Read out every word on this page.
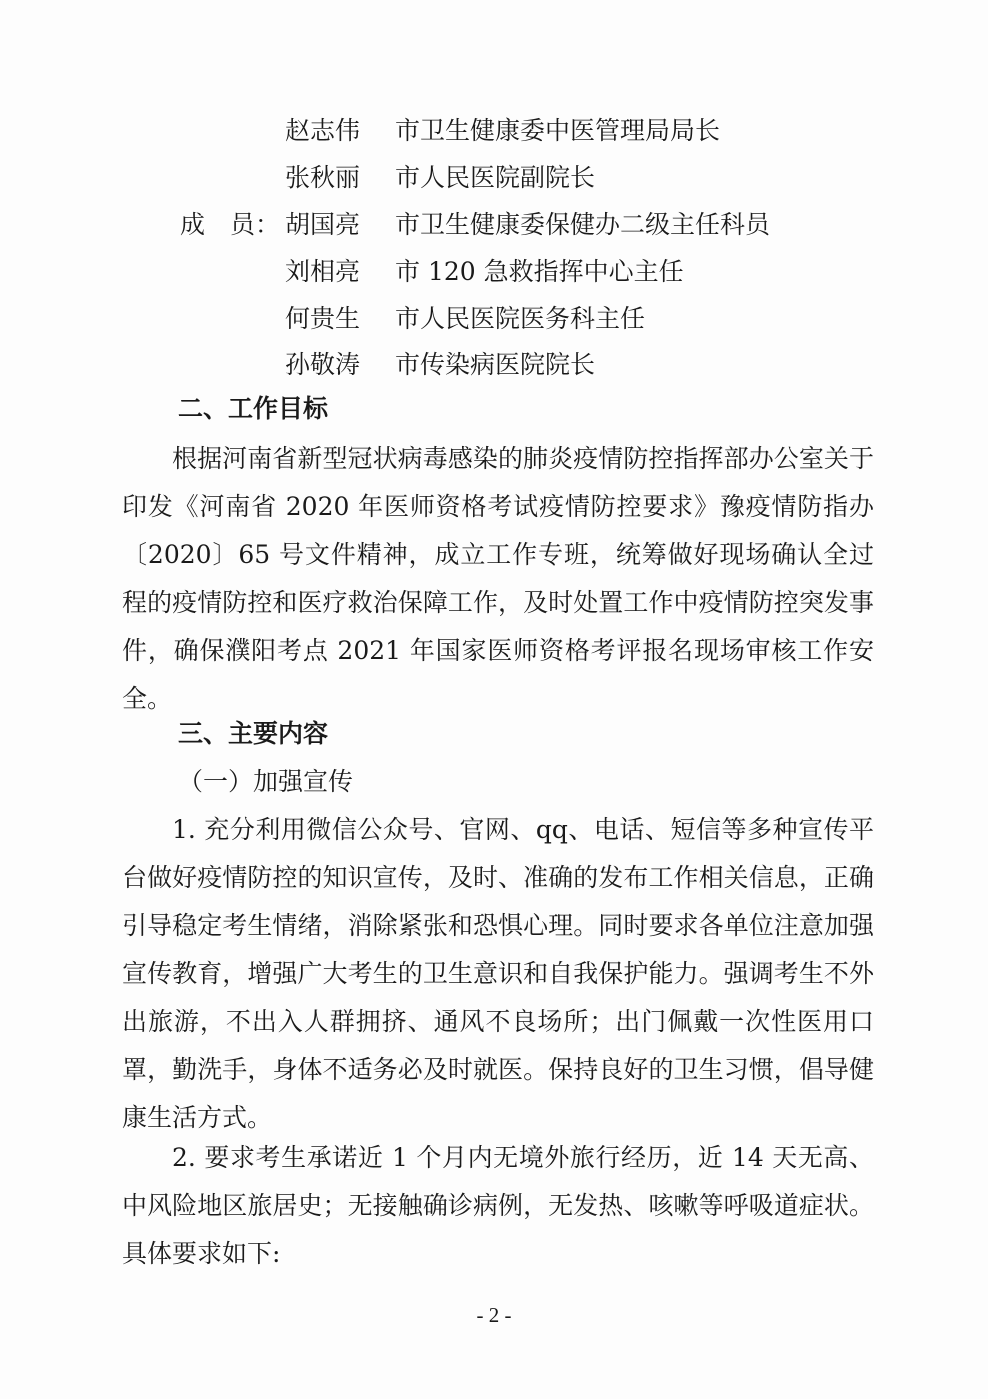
赵志伟 市卫生健康委中医管理局局长
张秋丽 市人民医院副院长
成　员： 胡国亮 市卫生健康委保健办二级主任科员
刘相亮 市 120 急救指挥中心主任
何贵生 市人民医院医务科主任
孙敬涛 市传染病医院院长
二、工作目标

根据河南省新型冠状病毒感染的肺炎疫情防控指挥部办公室关于印发《河南省 2020 年医师资格考试疫情防控要求》豫疫情防指办〔2020〕65 号文件精神，成立工作专班，统筹做好现场确认全过程的疫情防控和医疗救治保障工作，及时处置工作中疫情防控突发事件，确保濮阳考点 2021 年国家医师资格考评报名现场审核工作安全。

三、主要内容
（一）加强宣传

1. 充分利用微信公众号、官网、qq、电话、短信等多种宣传平台做好疫情防控的知识宣传，及时、准确的发布工作相关信息，正确引导稳定考生情绪，消除紧张和恐惧心理。同时要求各单位注意加强宣传教育，增强广大考生的卫生意识和自我保护能力。强调考生不外出旅游，不出入人群拥挤、通风不良场所；出门佩戴一次性医用口罩，勤洗手，身体不适务必及时就医。保持良好的卫生习惯，倡导健康生活方式。

2. 要求考生承诺近 1 个月内无境外旅行经历，近 14 天无高、中风险地区旅居史；无接触确诊病例，无发热、咳嗽等呼吸道症状。具体要求如下:

- 2 -
